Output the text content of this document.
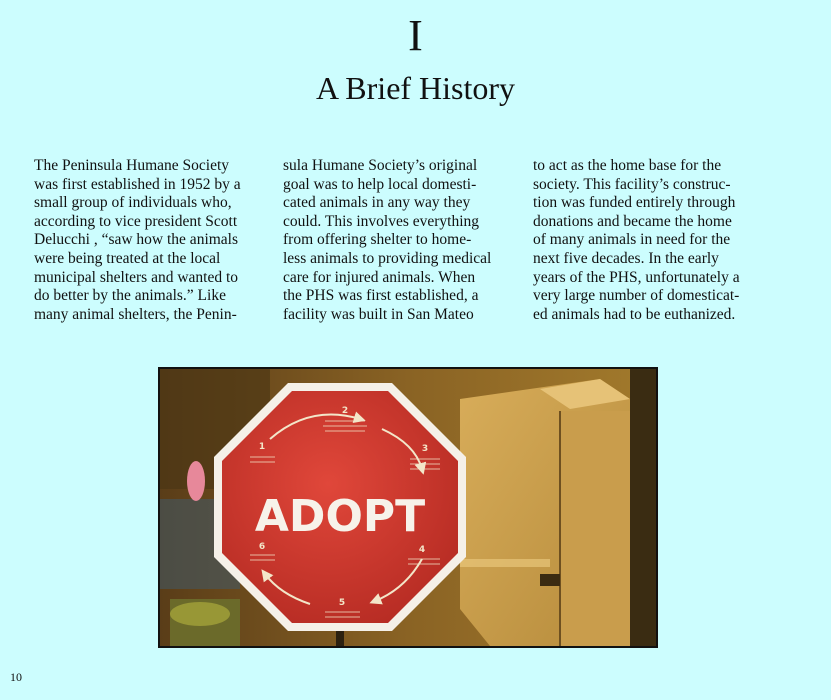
I
A Brief History
The Peninsula Humane Society
was first established in 1952 by a
small group of individuals who,
according to vice president Scott
Delucchi , “saw how the animals
were being treated at the local
municipal shelters and wanted to
do better by the animals.” Like
many animal shelters, the Penin-
sula Humane Society’s original
goal was to help local domesti-
cated animals in any way they
could. This involves everything
from offering shelter to home-
less animals to providing medical
care for injured animals. When
the PHS was first established, a
facility was built in San Mateo
to act as the home base for the
society. This facility’s construc-
tion was funded entirely through
donations and became the home
of many animals in need for the
next five decades. In the early
years of the PHS, unfortunately a
very large number of domesticat-
ed animals had to be euthanized.
2
1	3
4
5
6
ADOPT
10
